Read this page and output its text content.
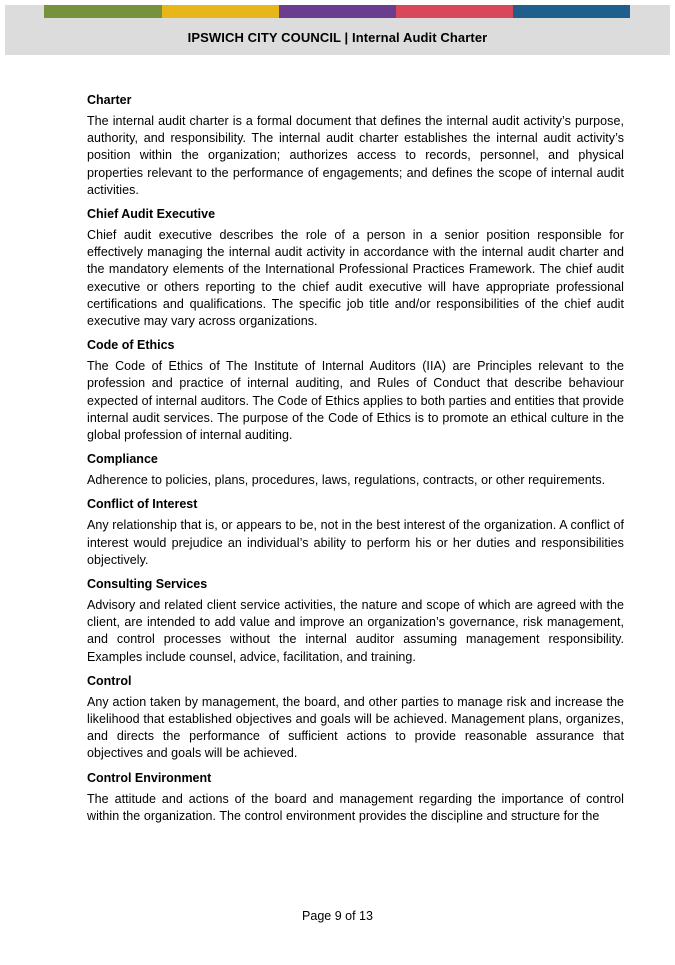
IPSWICH CITY COUNCIL | Internal Audit Charter
Charter

The internal audit charter is a formal document that defines the internal audit activity’s purpose, authority, and responsibility. The internal audit charter establishes the internal audit activity’s position within the organization; authorizes access to records, personnel, and physical properties relevant to the performance of engagements; and defines the scope of internal audit activities.

Chief Audit Executive

Chief audit executive describes the role of a person in a senior position responsible for effectively managing the internal audit activity in accordance with the internal audit charter and the mandatory elements of the International Professional Practices Framework. The chief audit executive or others reporting to the chief audit executive will have appropriate professional certifications and qualifications. The specific job title and/or responsibilities of the chief audit executive may vary across organizations.

Code of Ethics

The Code of Ethics of The Institute of Internal Auditors (IIA) are Principles relevant to the profession and practice of internal auditing, and Rules of Conduct that describe behaviour expected of internal auditors. The Code of Ethics applies to both parties and entities that provide internal audit services. The purpose of the Code of Ethics is to promote an ethical culture in the global profession of internal auditing.

Compliance

Adherence to policies, plans, procedures, laws, regulations, contracts, or other requirements.

Conflict of Interest

Any relationship that is, or appears to be, not in the best interest of the organization. A conflict of interest would prejudice an individual’s ability to perform his or her duties and responsibilities objectively.

Consulting Services

Advisory and related client service activities, the nature and scope of which are agreed with the client, are intended to add value and improve an organization’s governance, risk management, and control processes without the internal auditor assuming management responsibility. Examples include counsel, advice, facilitation, and training.

Control

Any action taken by management, the board, and other parties to manage risk and increase the likelihood that established objectives and goals will be achieved. Management plans, organizes, and directs the performance of sufficient actions to provide reasonable assurance that objectives and goals will be achieved.

Control Environment

The attitude and actions of the board and management regarding the importance of control within the organization. The control environment provides the discipline and structure for the

Page 9 of 13
